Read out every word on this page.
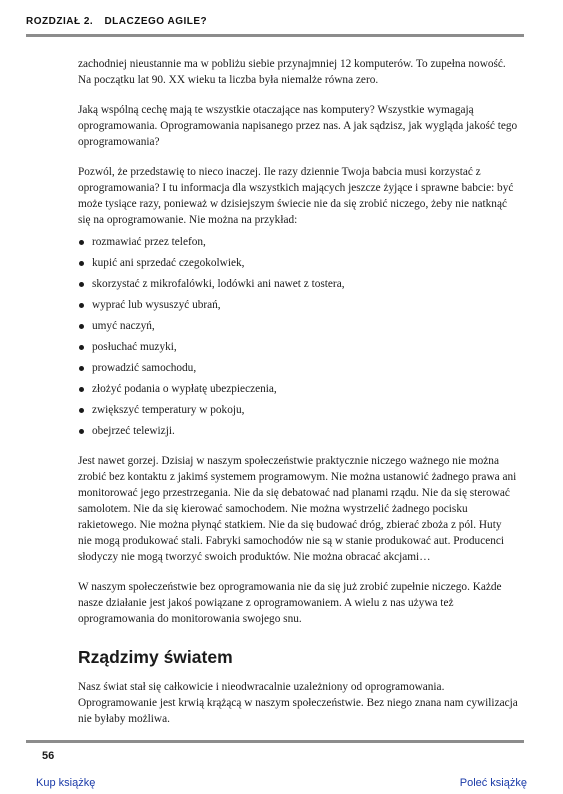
ROZDZIAŁ 2. DLACZEGO AGILE?

zachodniej nieustannie ma w pobliżu siebie przynajmniej 12 komputerów. To zupełna nowość. Na początku lat 90. XX wieku ta liczba była niemalże równa zero.

Jaką wspólną cechę mają te wszystkie otaczające nas komputery? Wszystkie wymagają oprogramowania. Oprogramowania napisanego przez nas. A jak sądzisz, jak wygląda jakość tego oprogramowania?

Pozwól, że przedstawię to nieco inaczej. Ile razy dziennie Twoja babcia musi korzystać z oprogramowania? I tu informacja dla wszystkich mających jeszcze żyjące i sprawne babcie: być może tysiące razy, ponieważ w dzisiejszym świecie nie da się zrobić niczego, żeby nie natknąć się na oprogramowanie. Nie można na przykład:

rozmawiać przez telefon,
kupić ani sprzedać czegokolwiek,
skorzystać z mikrofalówki, lodówki ani nawet z tostera,
wyprać lub wysuszyć ubrań,
umyć naczyń,
posłuchać muzyki,
prowadzić samochodu,
złożyć podania o wypłatę ubezpieczenia,
zwiększyć temperatury w pokoju,
obejrzeć telewizji.

Jest nawet gorzej. Dzisiaj w naszym społeczeństwie praktycznie niczego ważnego nie można zrobić bez kontaktu z jakimś systemem programowym. Nie można ustanowić żadnego prawa ani monitorować jego przestrzegania. Nie da się debatować nad planami rządu. Nie da się sterować samolotem. Nie da się kierować samochodem. Nie można wystrzelić żadnego pocisku rakietowego. Nie można płynąć statkiem. Nie da się budować dróg, zbierać zboża z pól. Huty nie mogą produkować stali. Fabryki samochodów nie są w stanie produkować aut. Producenci słodyczy nie mogą tworzyć swoich produktów. Nie można obracać akcjami…

W naszym społeczeństwie bez oprogramowania nie da się już zrobić zupełnie niczego. Każde nasze działanie jest jakoś powiązane z oprogramowaniem. A wielu z nas używa też oprogramowania do monitorowania swojego snu.

Rządzimy światem

Nasz świat stał się całkowicie i nieodwracalnie uzależniony od oprogramowania. Oprogramowanie jest krwią krążącą w naszym społeczeństwie. Bez niego znana nam cywilizacja nie byłaby możliwa.

56
Kup książkę	Poleć książkę
